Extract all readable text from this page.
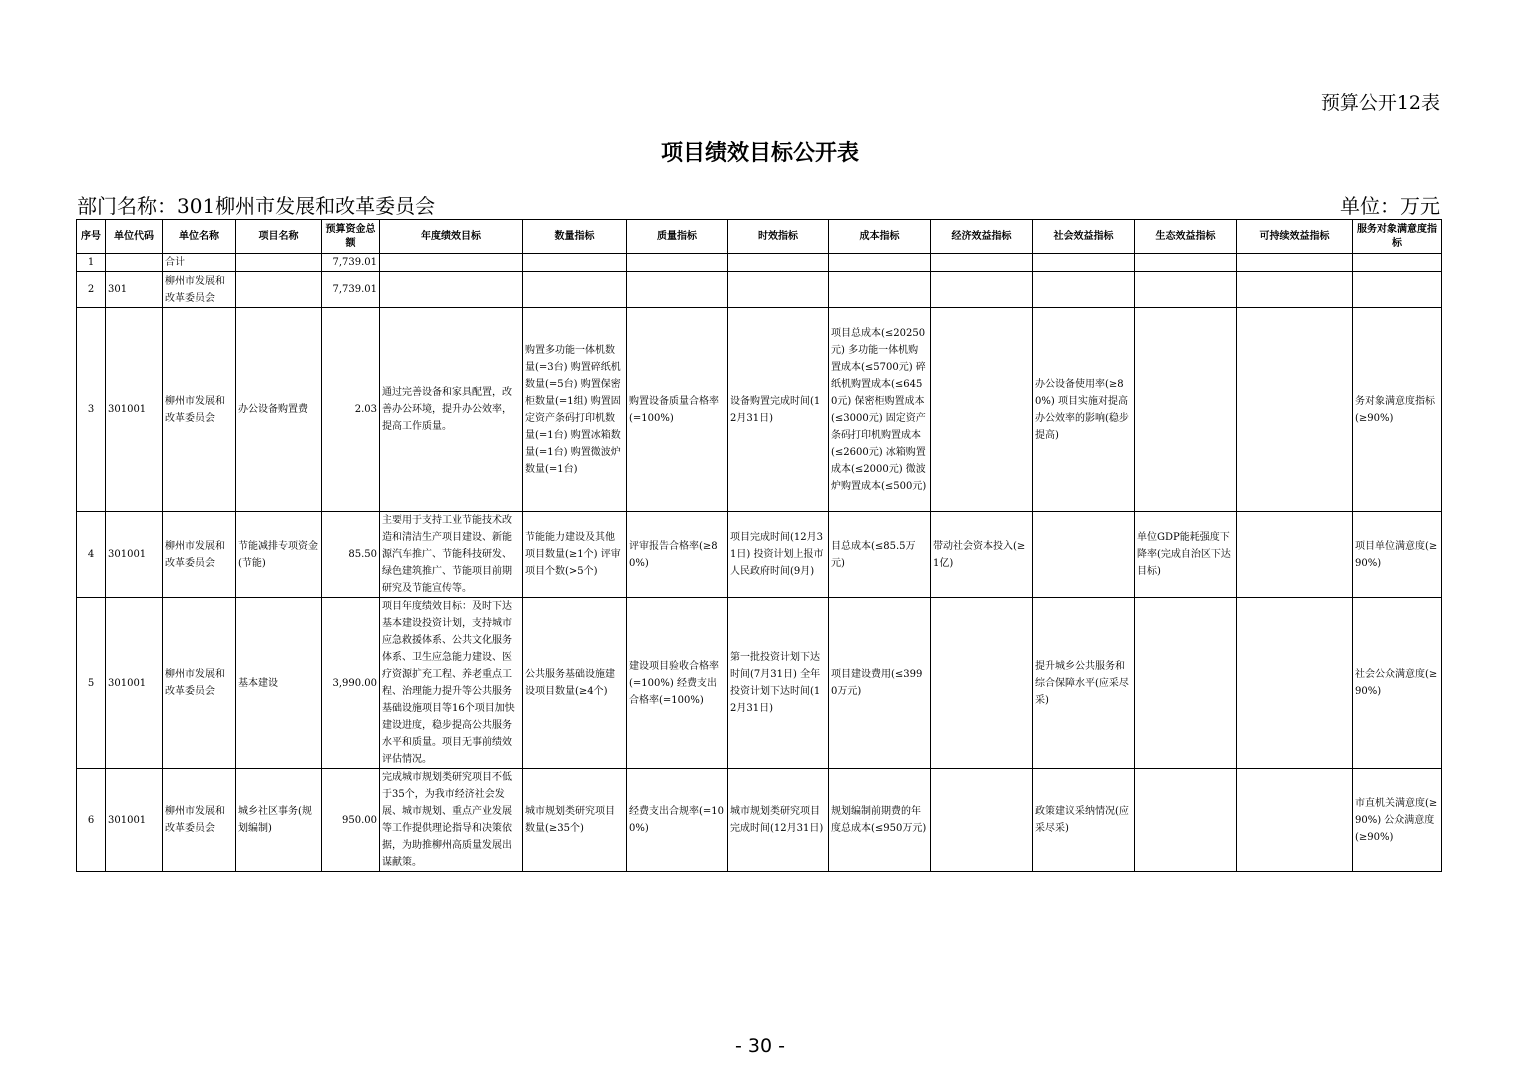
预算公开12表
项目绩效目标公开表
部门名称：301柳州市发展和改革委员会	单位：万元
序号	单位代码	单位名称	项目名称	预算资金总额	年度绩效目标	数量指标	质量指标	时效指标	成本指标	经济效益指标	社会效益指标	生态效益指标	可持续效益指标	服务对象满意度指标
1		合计		7,739.01										
2	301	柳州市发展和改革委员会		7,739.01										
3	301001	柳州市发展和改革委员会	办公设备购置费	2.03	通过完善设备和家具配置，改善办公环境，提升办公效率，提高工作质量。	购置多功能一体机数量(=3台) 购置碎纸机数量(=5台) 购置保密柜数量(=1组) 购置固定资产条码打印机数量(=1台) 购置冰箱数量(=1台) 购置微波炉数量(=1台)	购置设备质量合格率(=100%)	设备购置完成时间(12月31日)	项目总成本(≤20250元) 多功能一体机购置成本(≤5700元) 碎纸机购置成本(≤6450元) 保密柜购置成本(≤3000元) 固定资产条码打印机购置成本(≤2600元) 冰箱购置成本(≤2000元) 微波炉购置成本(≤500元)		办公设备使用率(≥80%) 项目实施对提高办公效率的影响(稳步提高)			务对象满意度指标(≥90%)
4	301001	柳州市发展和改革委员会	节能减排专项资金(节能)	85.50	主要用于支持工业节能技术改造和清洁生产项目建设、新能源汽车推广、节能科技研发、绿色建筑推广、节能项目前期研究及节能宣传等。	节能能力建设及其他项目数量(≥1个) 评审项目个数(>5个)	评审报告合格率(≥80%)	项目完成时间(12月31日) 投资计划上报市人民政府时间(9月)	目总成本(≤85.5万元)	带动社会资本投入(≥1亿)		单位GDP能耗强度下降率(完成自治区下达目标)		项目单位满意度(≥90%)
5	301001	柳州市发展和改革委员会	基本建设	3,990.00	项目年度绩效目标：及时下达基本建设投资计划，支持城市应急救援体系、公共文化服务体系、卫生应急能力建设、医疗资源扩充工程、养老重点工程、治理能力提升等公共服务基础设施项目等16个项目加快建设进度，稳步提高公共服务水平和质量。项目无事前绩效评估情况。	公共服务基础设施建设项目数量(≥4个)	建设项目验收合格率(=100%) 经费支出合格率(=100%)	第一批投资计划下达时间(7月31日) 全年投资计划下达时间(12月31日)	项目建设费用(≤3990万元)		提升城乡公共服务和综合保障水平(应采尽采)			社会公众满意度(≥90%)
6	301001	柳州市发展和改革委员会	城乡社区事务(规划编制)	950.00	完成城市规划类研究项目不低于35个，为我市经济社会发展、城市规划、重点产业发展等工作提供理论指导和决策依据，为助推柳州高质量发展出谋献策。	城市规划类研究项目数量(≥35个)	经费支出合规率(=100%)	城市规划类研究项目完成时间(12月31日)	规划编制前期费的年度总成本(≤950万元)		政策建议采纳情况(应采尽采)			市直机关满意度(≥90%) 公众满意度(≥90%)
- 30 -
